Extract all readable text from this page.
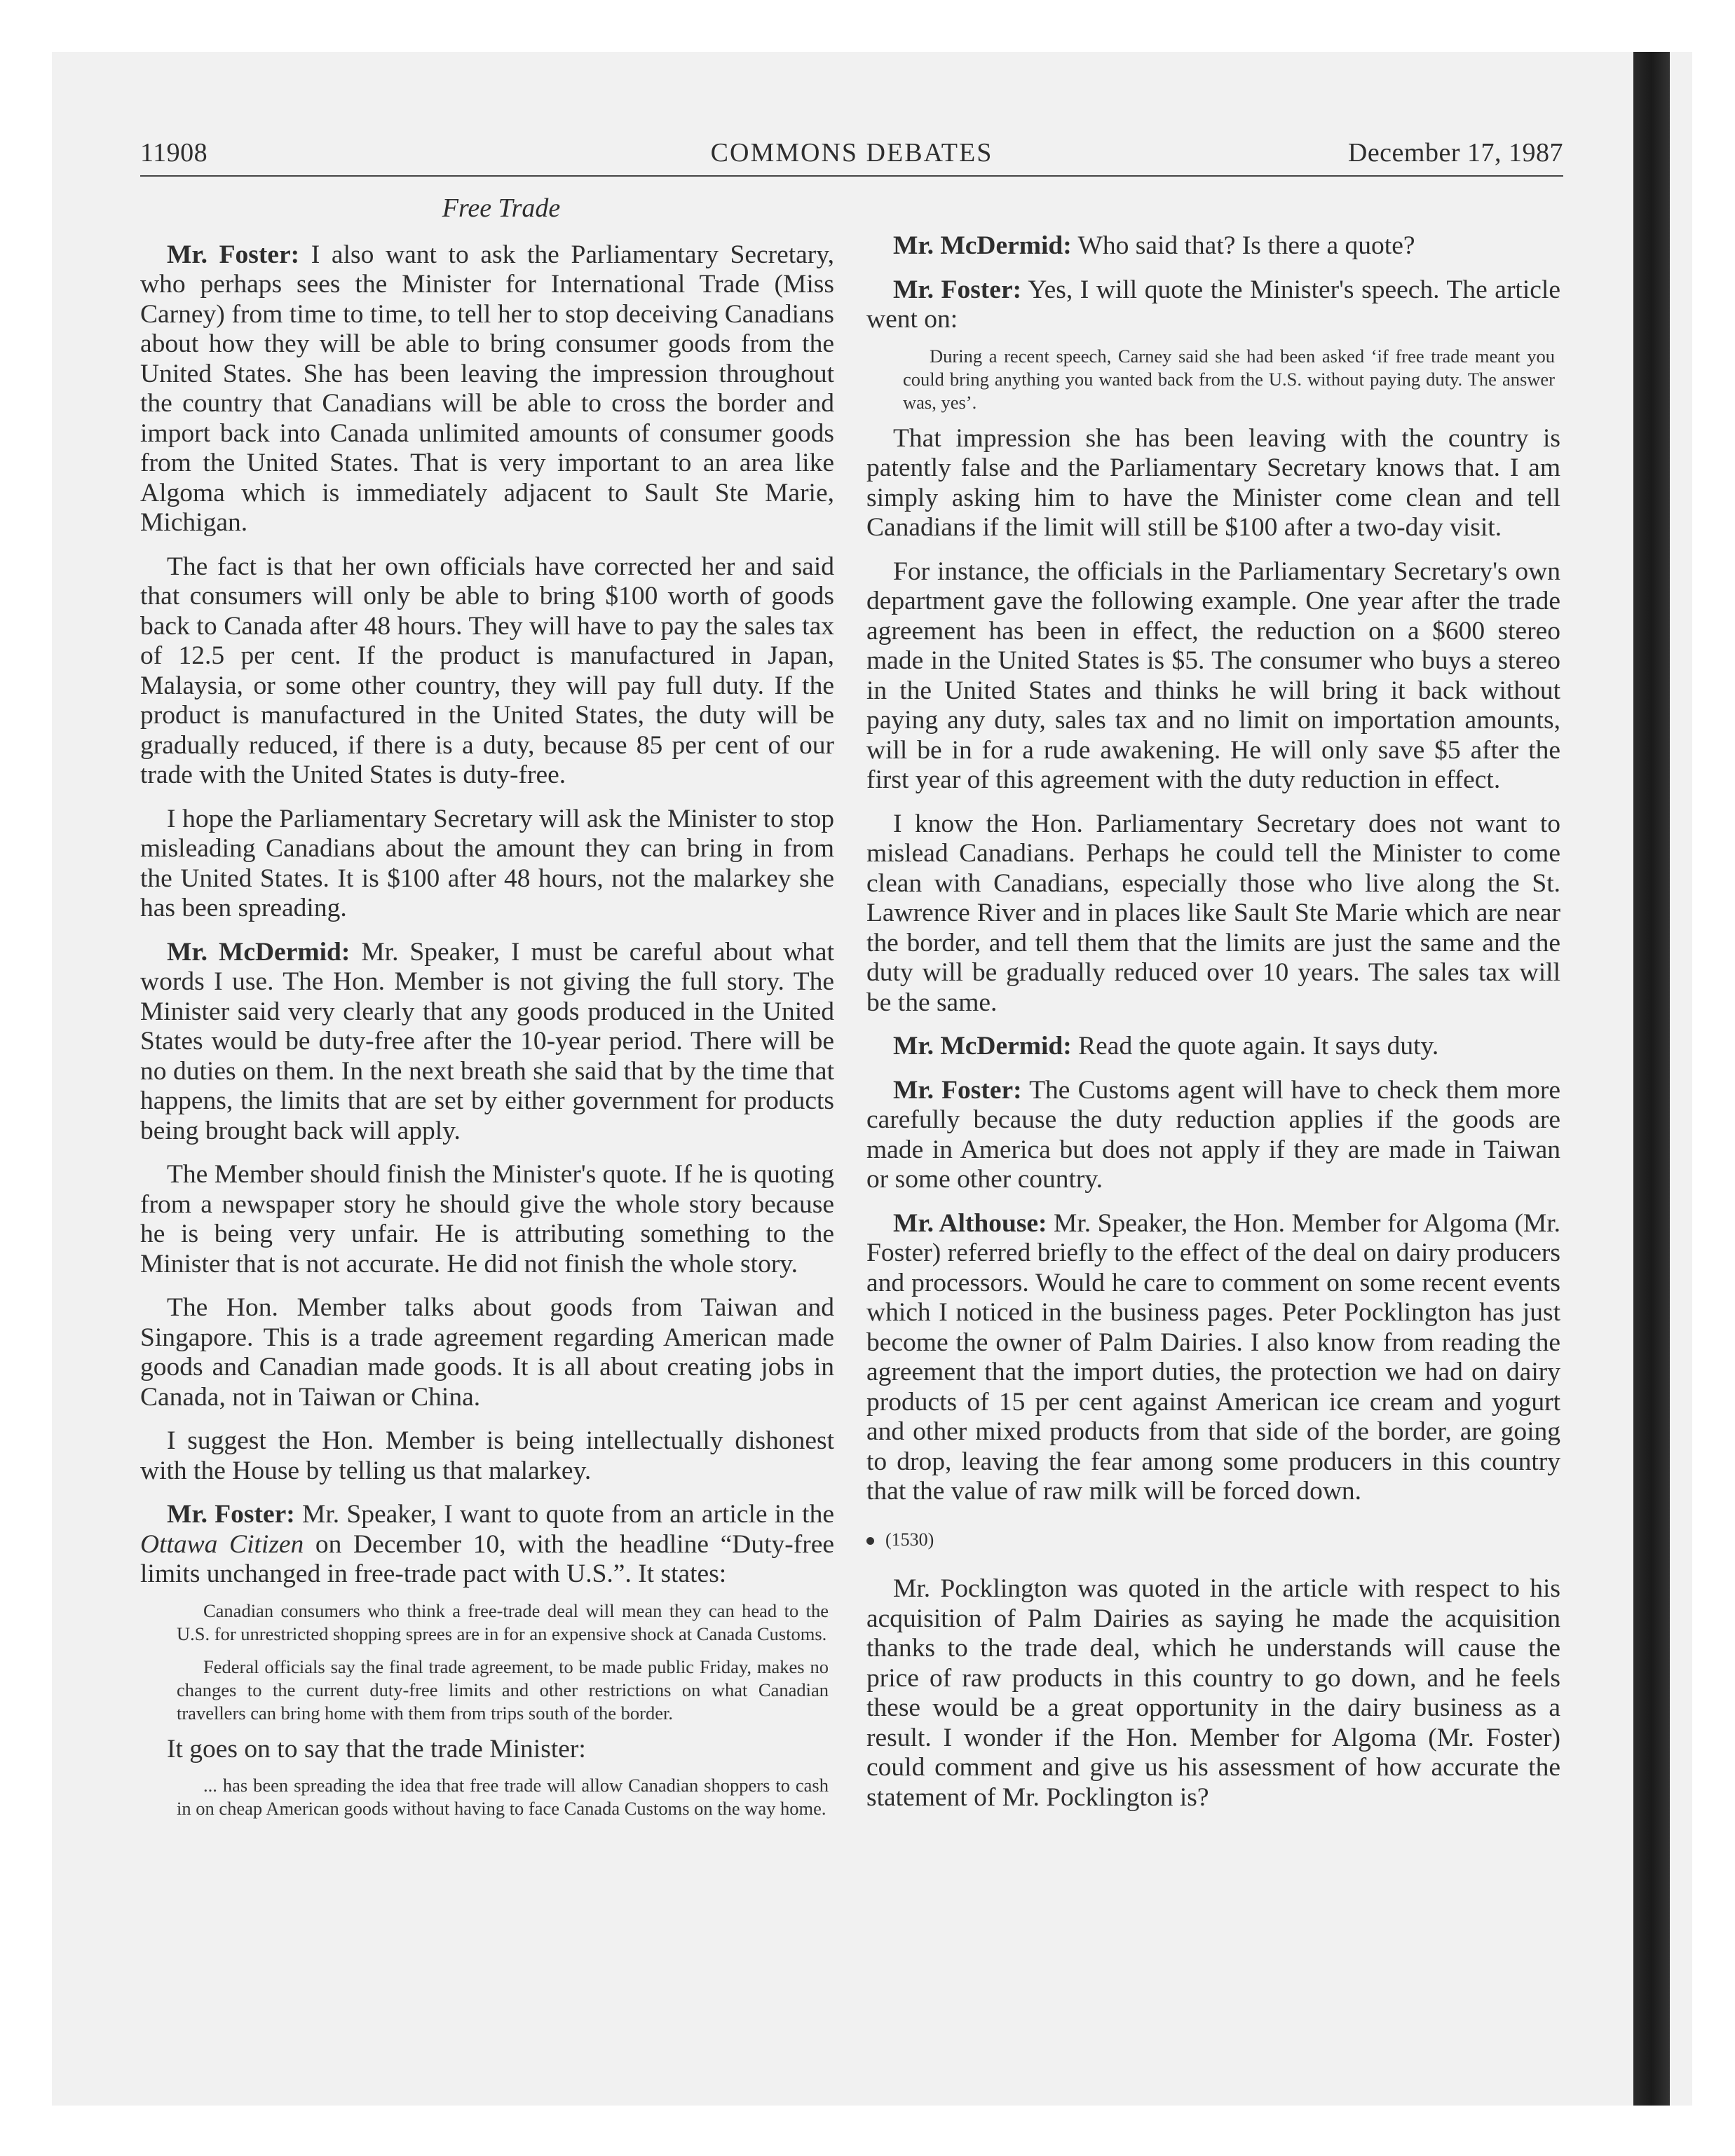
11908	COMMONS DEBATES	December 17, 1987
Free Trade

Mr. Foster: I also want to ask the Parliamentary Secretary, who perhaps sees the Minister for International Trade (Miss Carney) from time to time, to tell her to stop deceiving Canadians about how they will be able to bring consumer goods from the United States. She has been leaving the impression throughout the country that Canadians will be able to cross the border and import back into Canada unlimited amounts of consumer goods from the United States. That is very important to an area like Algoma which is immediately adjacent to Sault Ste Marie, Michigan.

The fact is that her own officials have corrected her and said that consumers will only be able to bring $100 worth of goods back to Canada after 48 hours. They will have to pay the sales tax of 12.5 per cent. If the product is manufactured in Japan, Malaysia, or some other country, they will pay full duty. If the product is manufactured in the United States, the duty will be gradually reduced, if there is a duty, because 85 per cent of our trade with the United States is duty-free.

I hope the Parliamentary Secretary will ask the Minister to stop misleading Canadians about the amount they can bring in from the United States. It is $100 after 48 hours, not the malarkey she has been spreading.

Mr. McDermid: Mr. Speaker, I must be careful about what words I use. The Hon. Member is not giving the full story. The Minister said very clearly that any goods produced in the United States would be duty-free after the 10-year period. There will be no duties on them. In the next breath she said that by the time that happens, the limits that are set by either government for products being brought back will apply.

The Member should finish the Minister's quote. If he is quoting from a newspaper story he should give the whole story because he is being very unfair. He is attributing something to the Minister that is not accurate. He did not finish the whole story.

The Hon. Member talks about goods from Taiwan and Singapore. This is a trade agreement regarding American made goods and Canadian made goods. It is all about creating jobs in Canada, not in Taiwan or China.

I suggest the Hon. Member is being intellectually dishonest with the House by telling us that malarkey.

Mr. Foster: Mr. Speaker, I want to quote from an article in the Ottawa Citizen on December 10, with the headline “Duty-free limits unchanged in free-trade pact with U.S.”. It states:

Canadian consumers who think a free-trade deal will mean they can head to the U.S. for unrestricted shopping sprees are in for an expensive shock at Canada Customs.

Federal officials say the final trade agreement, to be made public Friday, makes no changes to the current duty-free limits and other restrictions on what Canadian travellers can bring home with them from trips south of the border.

It goes on to say that the trade Minister:

... has been spreading the idea that free trade will allow Canadian shoppers to cash in on cheap American goods without having to face Canada Customs on the way home.

Mr. McDermid: Who said that? Is there a quote?

Mr. Foster: Yes, I will quote the Minister's speech. The article went on:

During a recent speech, Carney said she had been asked ‘if free trade meant you could bring anything you wanted back from the U.S. without paying duty. The answer was, yes’.

That impression she has been leaving with the country is patently false and the Parliamentary Secretary knows that. I am simply asking him to have the Minister come clean and tell Canadians if the limit will still be $100 after a two-day visit.

For instance, the officials in the Parliamentary Secretary's own department gave the following example. One year after the trade agreement has been in effect, the reduction on a $600 stereo made in the United States is $5. The consumer who buys a stereo in the United States and thinks he will bring it back without paying any duty, sales tax and no limit on importation amounts, will be in for a rude awakening. He will only save $5 after the first year of this agreement with the duty reduction in effect.

I know the Hon. Parliamentary Secretary does not want to mislead Canadians. Perhaps he could tell the Minister to come clean with Canadians, especially those who live along the St. Lawrence River and in places like Sault Ste Marie which are near the border, and tell them that the limits are just the same and the duty will be gradually reduced over 10 years. The sales tax will be the same.

Mr. McDermid: Read the quote again. It says duty.

Mr. Foster: The Customs agent will have to check them more carefully because the duty reduction applies if the goods are made in America but does not apply if they are made in Taiwan or some other country.

Mr. Althouse: Mr. Speaker, the Hon. Member for Algoma (Mr. Foster) referred briefly to the effect of the deal on dairy producers and processors. Would he care to comment on some recent events which I noticed in the business pages. Peter Pocklington has just become the owner of Palm Dairies. I also know from reading the agreement that the import duties, the protection we had on dairy products of 15 per cent against American ice cream and yogurt and other mixed products from that side of the border, are going to drop, leaving the fear among some producers in this country that the value of raw milk will be forced down.

(1530)

Mr. Pocklington was quoted in the article with respect to his acquisition of Palm Dairies as saying he made the acquisition thanks to the trade deal, which he understands will cause the price of raw products in this country to go down, and he feels these would be a great opportunity in the dairy business as a result. I wonder if the Hon. Member for Algoma (Mr. Foster) could comment and give us his assessment of how accurate the statement of Mr. Pocklington is?
